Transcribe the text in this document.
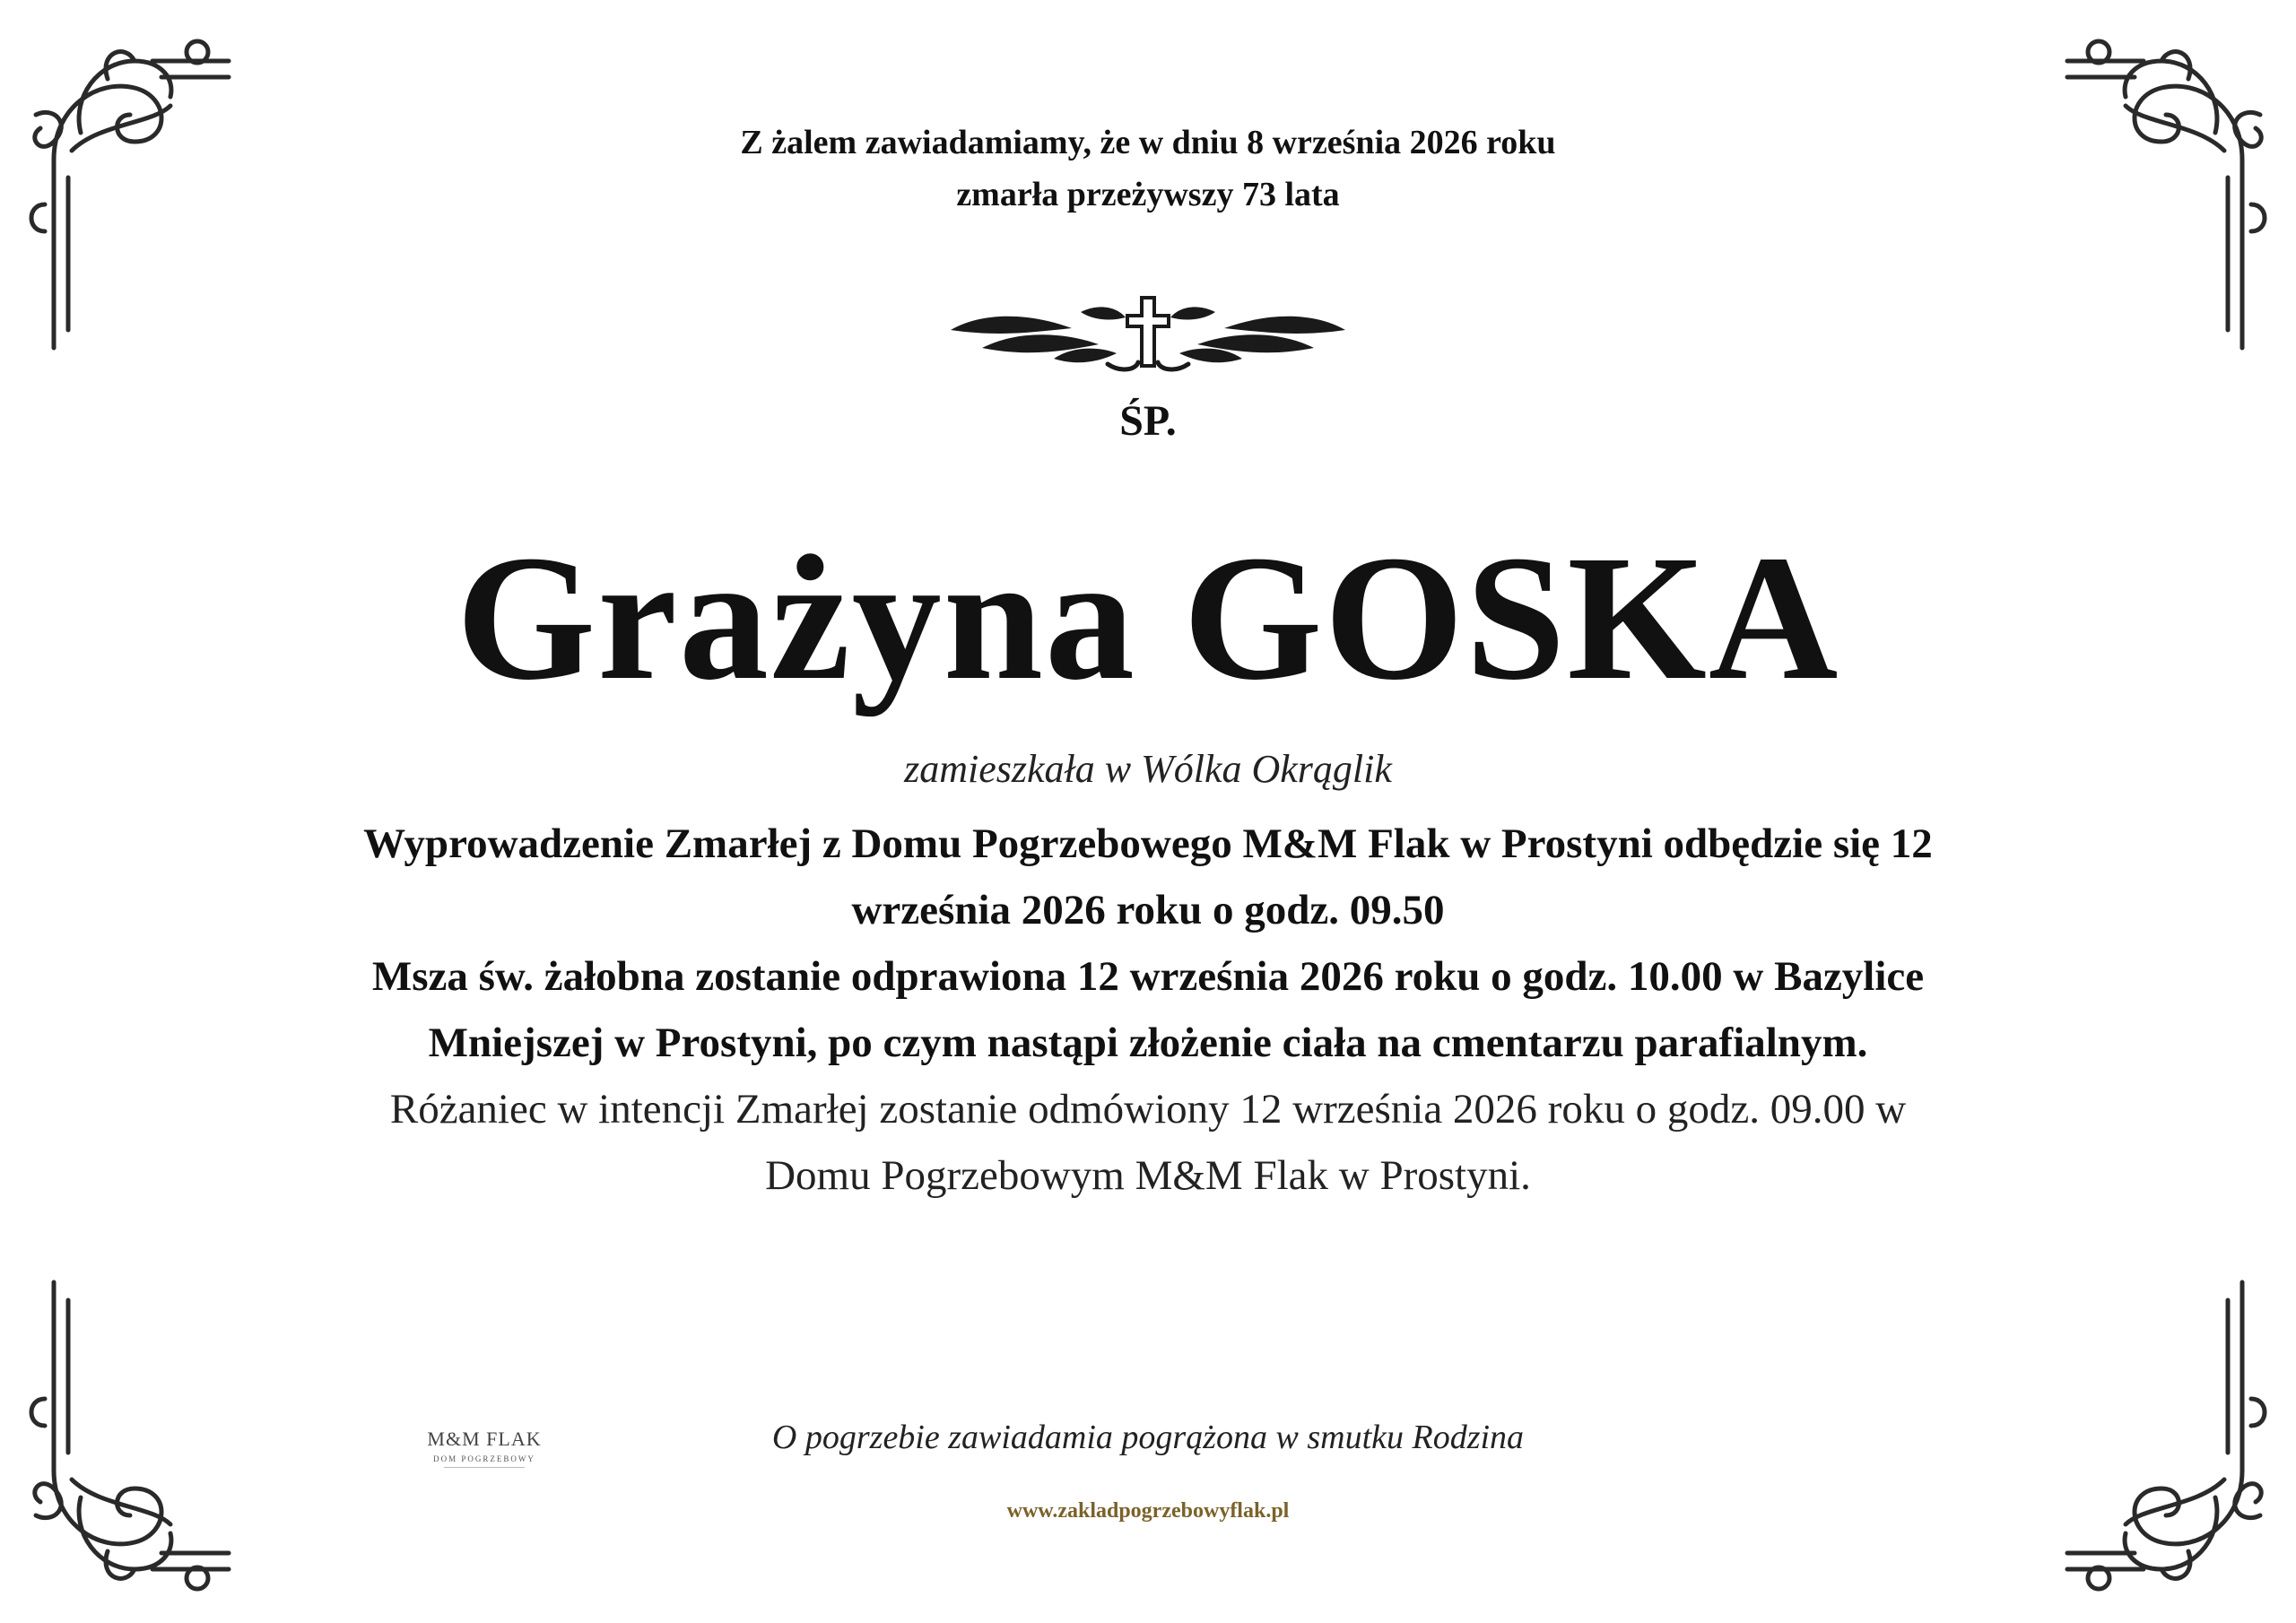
Z żalem zawiadamiamy, że w dniu 8 września 2026 roku
zmarła przeżywszy 73 lata
ŚP.
Grażyna GOSKA
zamieszkała w Wólka Okrąglik
Wyprowadzenie Zmarłej z Domu Pogrzebowego M&M Flak w Prostyni odbędzie się 12
września 2026 roku o godz. 09.50
Msza św. żałobna zostanie odprawiona 12 września 2026 roku o godz. 10.00 w Bazylice
Mniejszej w Prostyni, po czym nastąpi złożenie ciała na cmentarzu parafialnym.
Różaniec w intencji Zmarłej zostanie odmówiony 12 września 2026 roku o godz. 09.00 w
Domu Pogrzebowym M&M Flak w Prostyni.
M&M FLAK
DOM POGRZEBOWY
O pogrzebie zawiadamia pogrążona w smutku Rodzina
www.zakladpogrzebowyflak.pl
